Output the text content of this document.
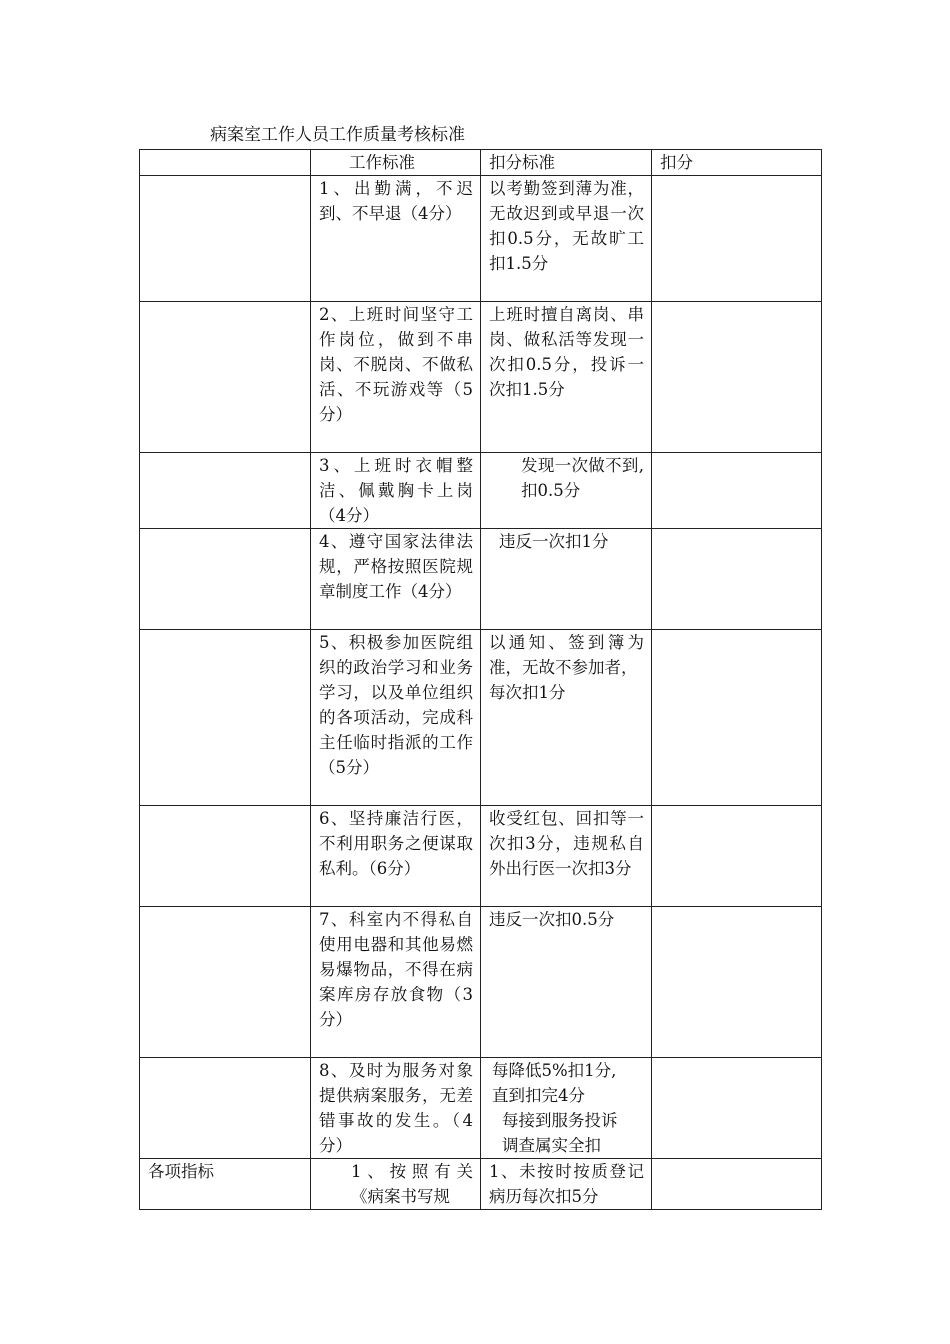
病案室工作人员工作质量考核标准
	工作标准	扣分标准	扣分
	1、出勤满，不迟到、不早退（4分）	以考勤签到薄为准，无故迟到或早退一次扣0.5分，无故旷工扣1.5分	
	2、上班时间坚守工作岗位，做到不串岗、不脱岗、不做私活、不玩游戏等（5分）	上班时擅自离岗、串岗、做私活等发现一次扣0.5分，投诉一次扣1.5分	
	3、上班时衣帽整洁、佩戴胸卡上岗（4分）	发现一次做不到,扣0.5分	
	4、遵守国家法律法规，严格按照医院规章制度工作（4分）	违反一次扣1分	
	5、积极参加医院组织的政治学习和业务学习，以及单位组织的各项活动，完成科主任临时指派的工作（5分）	以通知、签到簿为准，无故不参加者，
每次扣1分	

	6、坚持廉洁行医，不利用职务之便谋取私利。（6分）	收受红包、回扣等一次扣3分，违规私自外出行医一次扣3分	
	7、科室内不得私自使用电器和其他易燃易爆物品，不得在病案库房存放食物（3分）	违反一次扣0.5分	
	8、及时为服务对象提供病案服务，无差错事故的发生。（4分）	每降低5%扣1分,
直到扣完4分
每接到服务投诉
调查属实全扣	

各项指标	1、按照有关《病案书写规	1、未按时按质登记病历每次扣5分	
